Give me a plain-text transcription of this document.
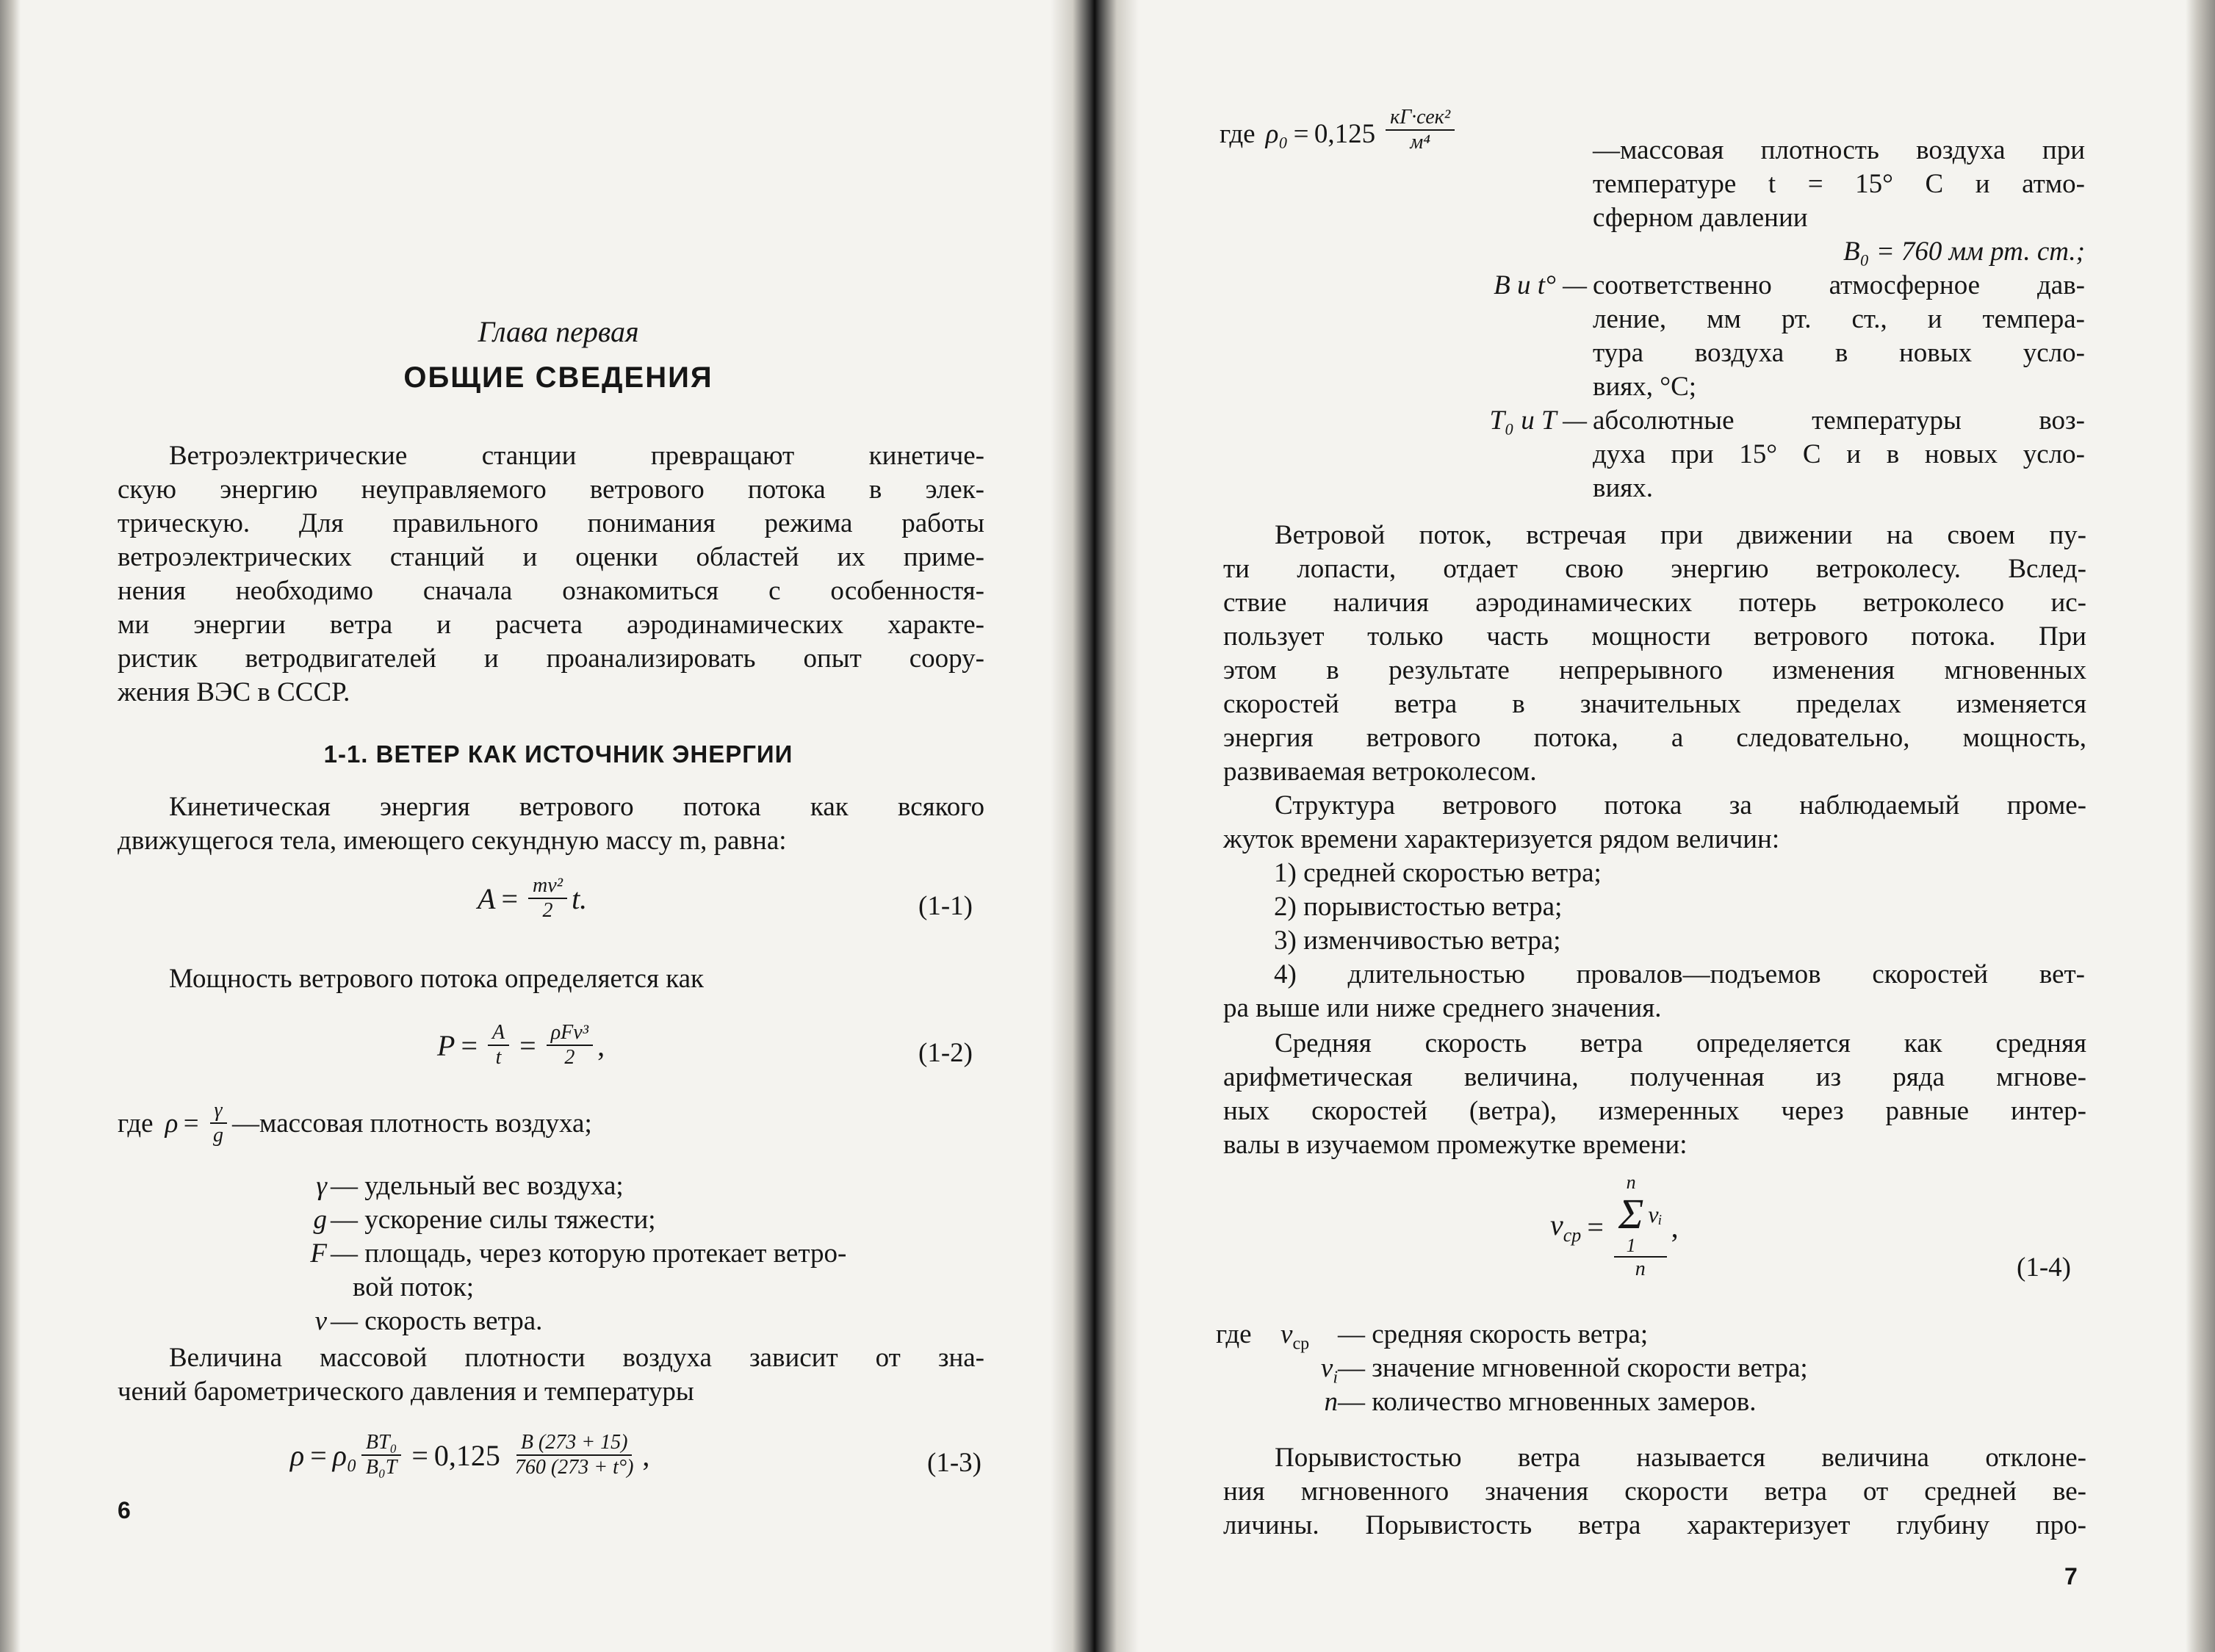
Глава первая
ОБЩИЕ СВЕДЕНИЯ
Ветроэлектрические станции превращают кинетиче-
скую энергию неуправляемого ветрового потока в элек-
трическую. Для правильного понимания режима работы
ветроэлектрических станций и оценки областей их приме-
нения необходимо сначала ознакомиться с особенностя-
ми энергии ветра и расчета аэродинамических характе-
ристик ветродвигателей и проанализировать опыт соору-
жения ВЭС в СССР.
1-1. ВЕТЕР КАК ИСТОЧНИК ЭНЕРГИИ
Кинетическая энергия ветрового потока как всякого
движущегося тела, имеющего секундную массу m, равна:
$A = \frac{\text{mv²}}{2} t$.	(1-1)
Мощность ветрового потока определяется как
$P = \frac{A}{t} = \frac{\text{ρFv³}}{2}$ ,	(1-2)
где $\rho = \frac{\gamma}{g}$ —массовая плотность воздуха;
γ — удельный вес воздуха;
g — ускорение силы тяжести;
F — площадь, через которую протекает ветро-
вой поток;
v — скорость ветра.
Величина массовой плотности воздуха зависит от зна-
чений барометрического давления и температуры
$\rho = \rho_0 \frac{\text{BT₀}}{\text{B₀T}} = 0,125 \frac{B (273 + 15)}{760 (273 + t^\circ)}$ ,	(1-3)
6
где $\rho_0 = 0,125 \frac{\text{кГ·сек²}}{\text{м⁴}}$	—массовая плотность воздуха при
температуре t = 15° C и атмо-
сферном давлении
B₀ = 760 мм рт. ст.;
B и t° — соответственно атмосферное дав-
ление, мм рт. ст., и темпера-
тура воздуха в новых усло-
виях, °C;
T₀ и T — абсолютные температуры воз-
духа при 15° C и в новых усло-
виях.
Ветровой поток, встречая при движении на своем пу-
ти лопасти, отдает свою энергию ветроколесу. Вслед-
ствие наличия аэродинамических потерь ветроколесо ис-
пользует только часть мощности ветрового потока. При
этом в результате непрерывного изменения мгновенных
скоростей ветра в значительных пределах изменяется
энергия ветрового потока, а следовательно, мощность,
развиваемая ветроколесом.
Структура ветрового потока за наблюдаемый проме-
жуток времени характеризуется рядом величин:
1) средней скоростью ветра;
2) порывистостью ветра;
3) изменчивостью ветра;
4) длительностью провалов—подъемов скоростей вет-
ра выше или ниже среднего значения.
Средняя скорость ветра определяется как средняя
арифметическая величина, полученная из ряда мгнове-
ных скоростей (ветра), измеренных через равные интер-
валы в изучаемом промежутке времени:
$v_{ср} = n$
Σ
1
vᵢ
n ,
(1-4)
где $v_{ср}$	— средняя скорость ветра;
$v_i$ — значение мгновенной скорости ветра;
n — количество мгновенных замеров.
Порывистостью ветра называется величина отклоне-
ния мгновенного значения скорости ветра от средней ве-
личины. Порывистость ветра характеризует глубину про-
7
